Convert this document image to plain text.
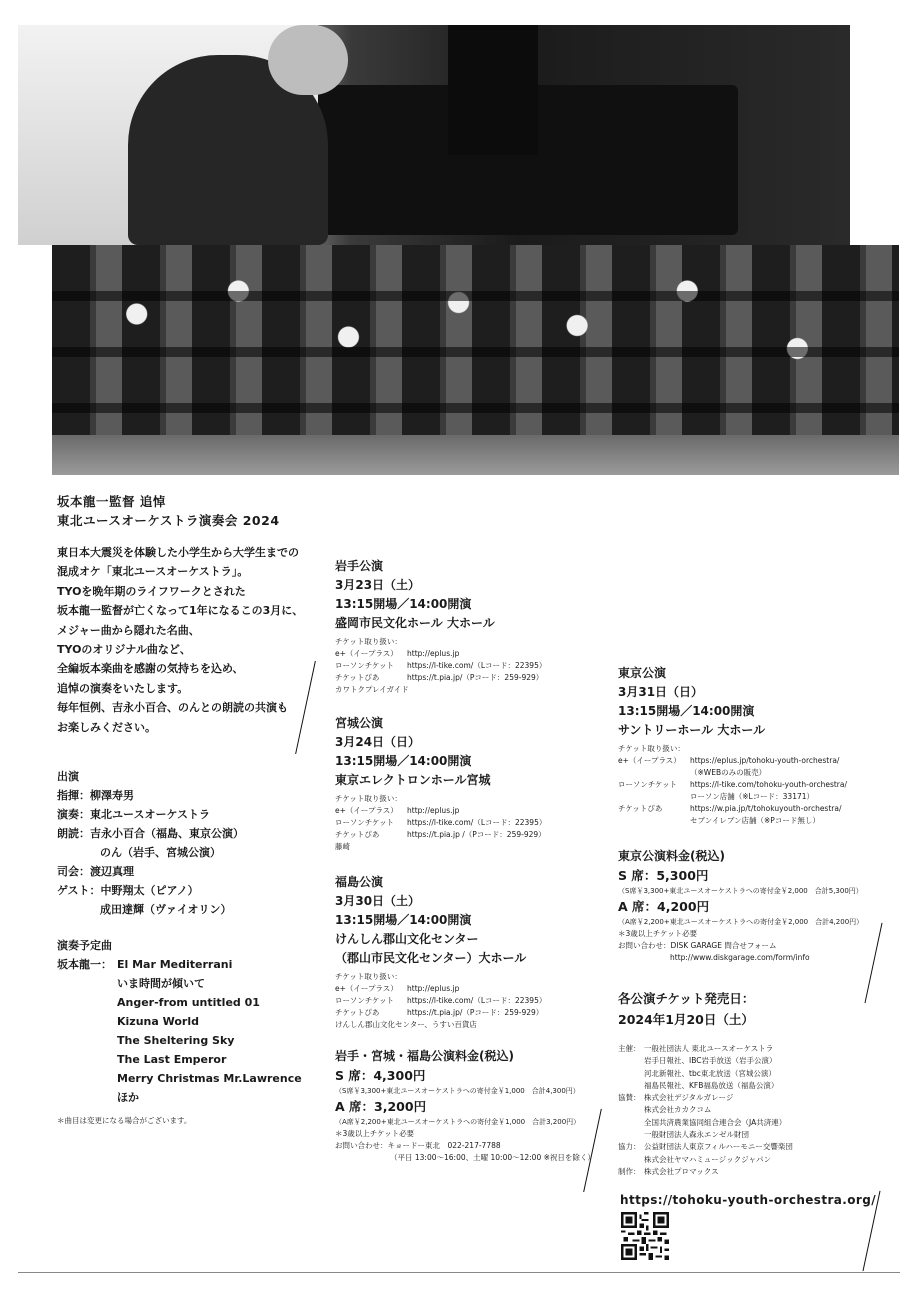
坂本龍一監督 追悼
東北ユースオーケストラ演奏会 2024
東日本大震災を体験した小学生から大学生までの
混成オケ「東北ユースオーケストラ」。
TYOを晩年期のライフワークとされた
坂本龍一監督が亡くなって1年になるこの3月に、
メジャー曲から隠れた名曲、
TYOのオリジナル曲など、
全編坂本楽曲を感謝の気持ちを込め、
追悼の演奏をいたします。
毎年恒例、吉永小百合、のんとの朗読の共演も
お楽しみください。
出演
指揮：柳澤寿男
演奏：東北ユースオーケストラ
朗読：吉永小百合（福島、東京公演）
のん（岩手、宮城公演）
司会：渡辺真理
ゲスト：中野翔太（ピアノ）
成田達輝（ヴァイオリン）
演奏予定曲
坂本龍一： El Mar Mediterrani
いま時間が傾いて
Anger-from untitled 01
Kizuna World
The Sheltering Sky
The Last Emperor
Merry Christmas Mr.Lawrence
ほか
＊曲目は変更になる場合がございます。
岩手公演
3月23日（土）
13:15開場／14:00開演
盛岡市民文化ホール 大ホール
チケット取り扱い：
e+（イープラス）	http://eplus.jp
ローソンチケット	https://l-tike.com/（Lコード：22395）
チケットぴあ	https://t.pia.jp/（Pコード：259-929）
カワトクプレイガイド
宮城公演
3月24日（日）
13:15開場／14:00開演
東京エレクトロンホール宮城
チケット取り扱い：
e+（イープラス）	http://eplus.jp
ローソンチケット	https://l-tike.com/（Lコード：22395）
チケットぴあ	https://t.pia.jp /（Pコード：259-929）
藤崎
福島公演
3月30日（土）
13:15開場／14:00開演
けんしん郡山文化センター
（郡山市民文化センター）大ホール
チケット取り扱い：
e+（イープラス）	http://eplus.jp
ローソンチケット	https://l-tike.com/（Lコード：22395）
チケットぴあ	https://t.pia.jp/（Pコード：259-929）
けんしん郡山文化センター、うすい百貨店
岩手・宮城・福島公演料金(税込)
S 席：4,300円
（S席￥3,300+東北ユースオーケストラへの寄付金￥1,000　合計4,300円）
A 席：3,200円
（A席￥2,200+東北ユースオーケストラへの寄付金￥1,000　合計3,200円）
＊3歳以上チケット必要
お問い合わせ：キョードー東北　022-217-7788
（平日 13:00〜16:00、土曜 10:00〜12:00 ※祝日を除く）
東京公演
3月31日（日）
13:15開場／14:00開演
サントリーホール 大ホール
チケット取り扱い：
e+（イープラス）	https://eplus.jp/tohoku-youth-orchestra/
（※WEBのみの販売）
ローソンチケット	https://l-tike.com/tohoku-youth-orchestra/
ローソン店舗（※Lコード：33171）
チケットぴあ	https://w.pia.jp/t/tohokuyouth-orchestra/
セブンイレブン店舗（※Pコード無し）
東京公演料金(税込)
S 席：5,300円
（S席￥3,300+東北ユースオーケストラへの寄付金￥2,000　合計5,300円）
A 席：4,200円
（A席￥2,200+東北ユースオーケストラへの寄付金￥2,000　合計4,200円）
＊3歳以上チケット必要
お問い合わせ：DISK GARAGE 問合せフォーム
http://www.diskgarage.com/form/info
各公演チケット発売日：
2024年1月20日（土）
主催： 一般社団法人 東北ユースオーケストラ
岩手日報社、IBC岩手放送（岩手公演）
河北新報社、tbc東北放送（宮城公演）
福島民報社、KFB福島放送（福島公演）
協賛： 株式会社デジタルガレージ
株式会社カカクコム
全国共済農業協同組合連合会（JA共済連）
一般財団法人森永エンゼル財団
協力： 公益財団法人東京フィルハーモニー交響楽団
株式会社ヤマハミュージックジャパン
制作： 株式会社プロマックス
https://tohoku-youth-orchestra.org/
